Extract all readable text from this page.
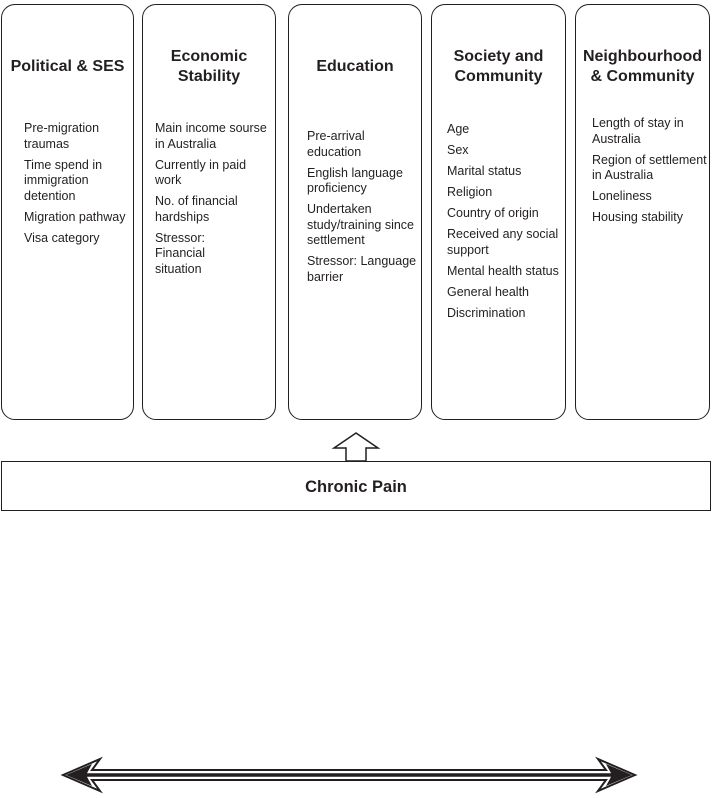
Political & SES
Pre-migration traumas
Time spend in immigration detention
Migration pathway
Visa category
Economic Stability
Main income sourse in Australia
Currently in paid work
No. of financial hardships
Stressor: Financial situation
Education
Pre-arrival education
English language proficiency
Undertaken study/training since settlement
Stressor: Language barrier
Society and Community
Age
Sex
Marital status
Religion
Country of origin
Received any social support
Mental health status
General health
Discrimination
Neighbourhood & Community
Length of stay in Australia
Region of settlement in Australia
Loneliness
Housing stability
Chronic Pain
